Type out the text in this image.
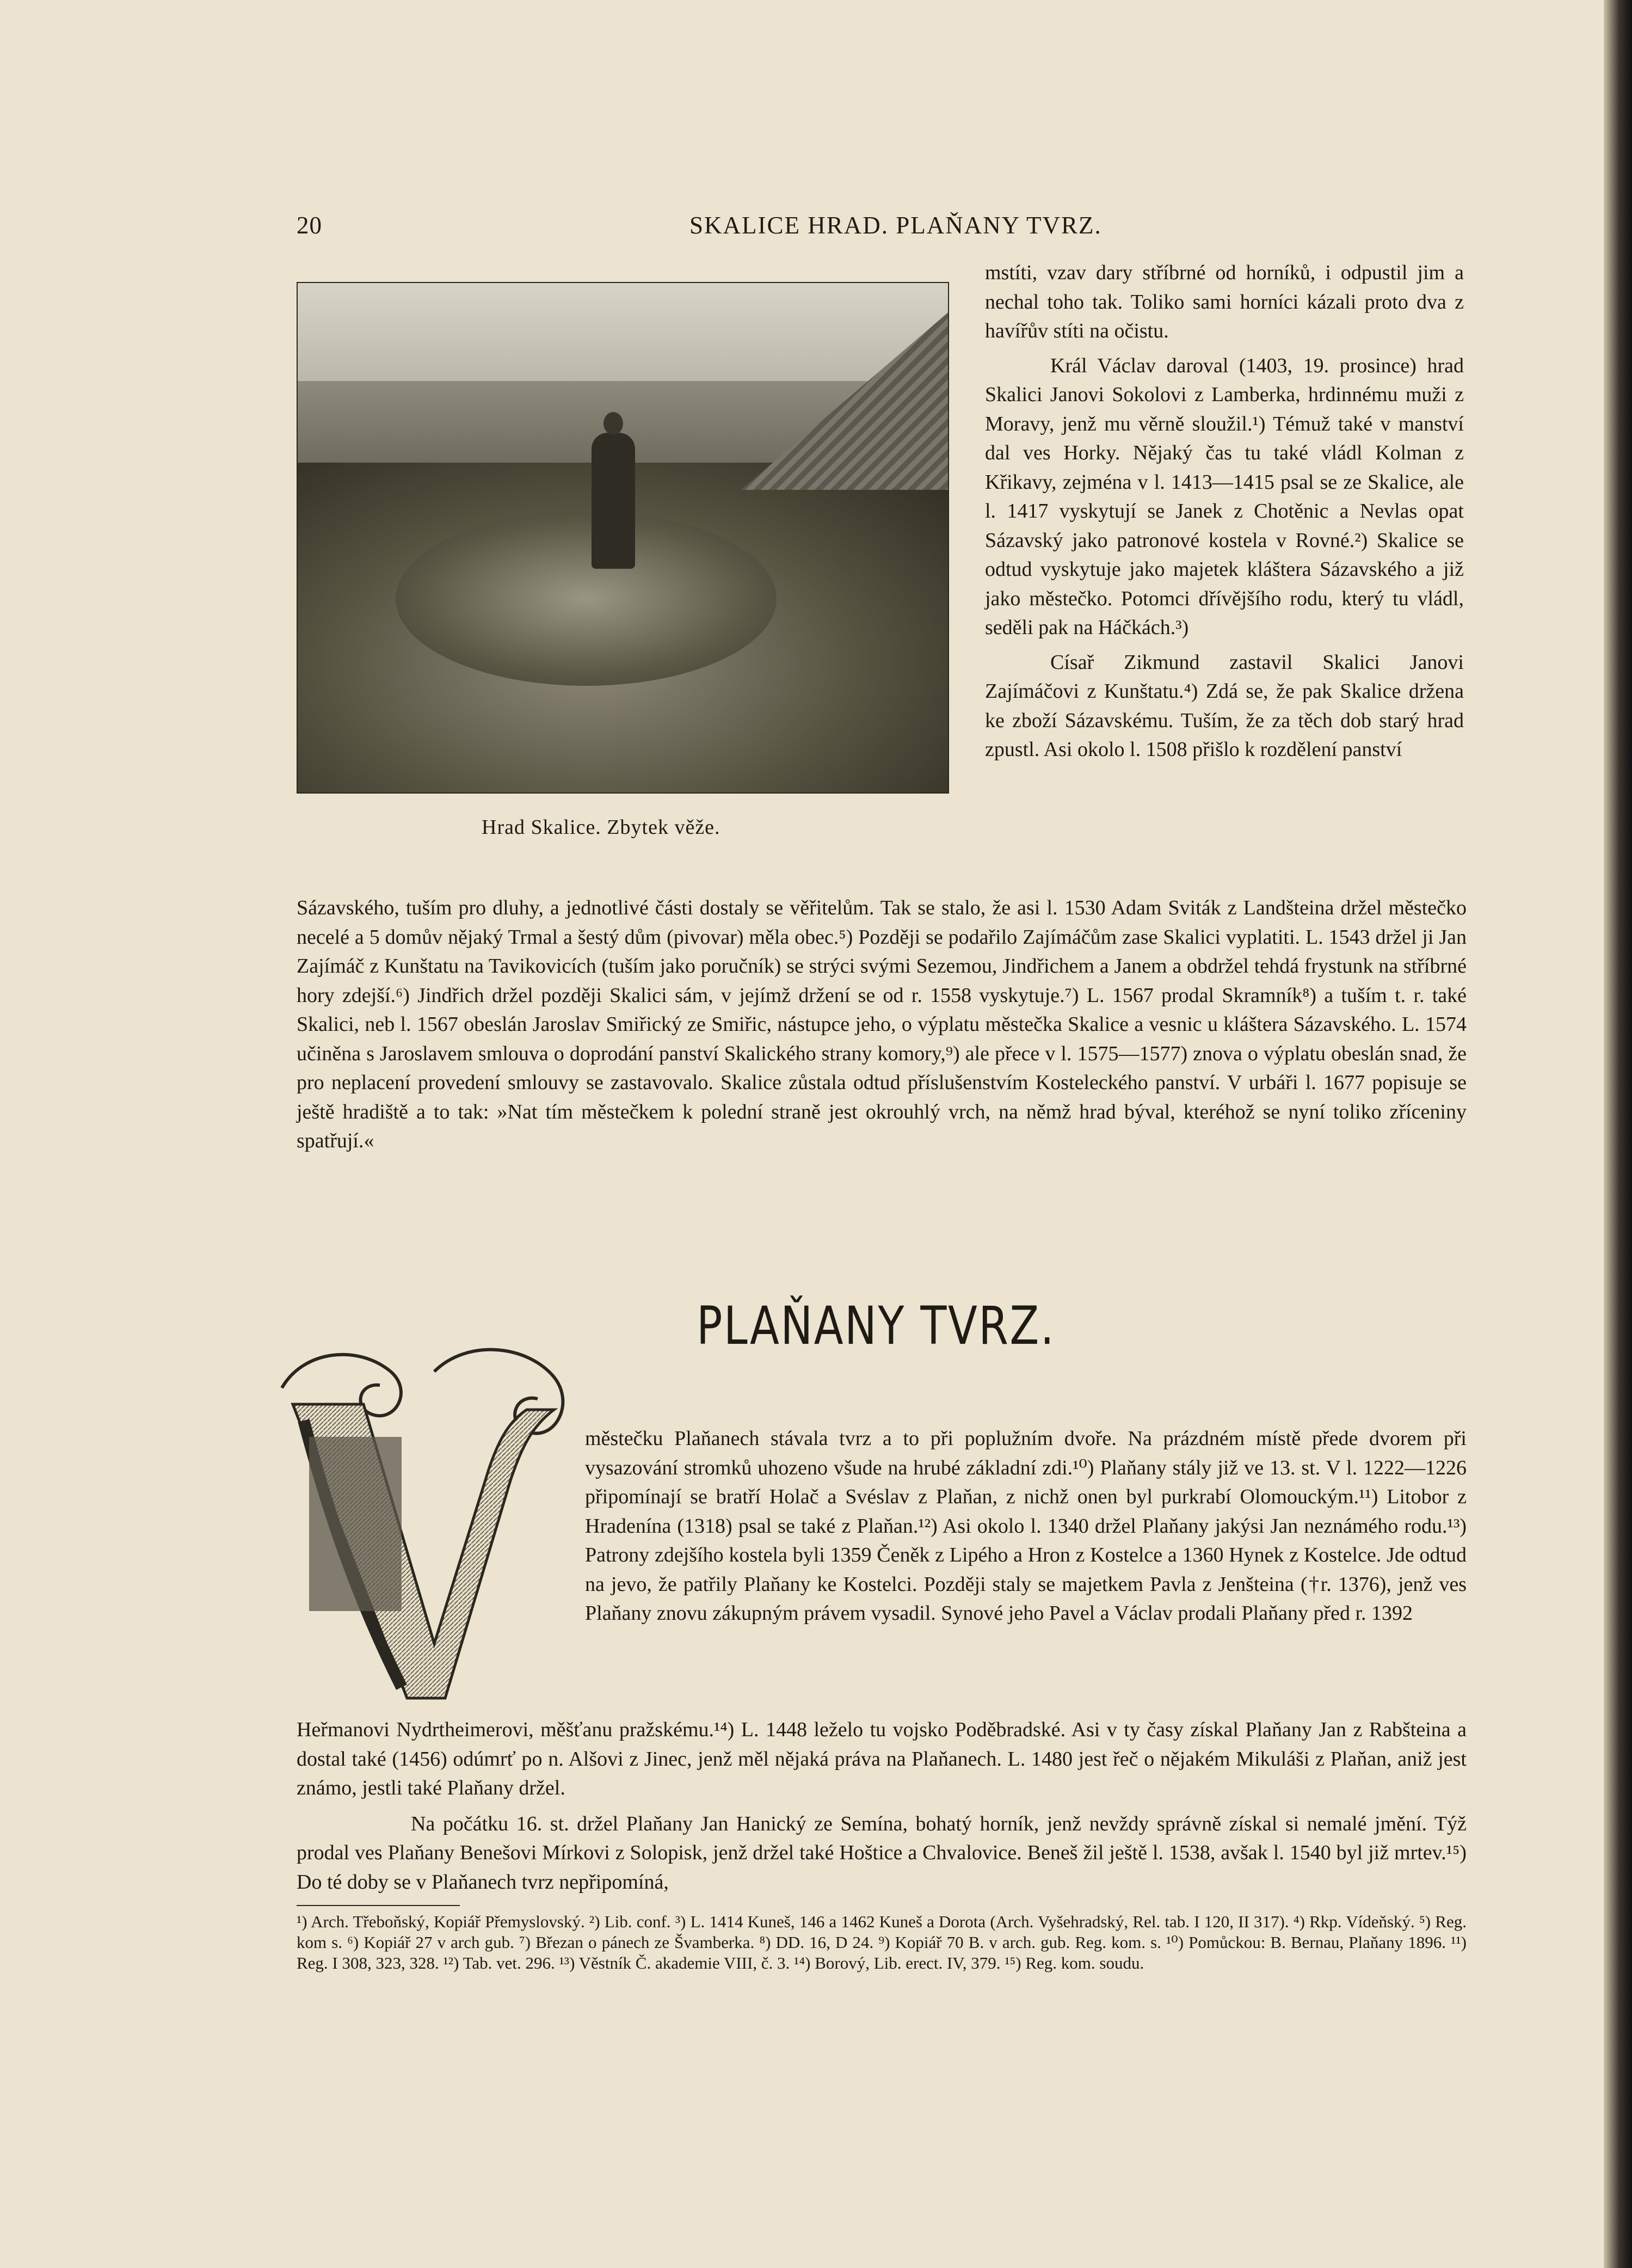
20	SKALICE HRAD. PLAŇANY TVRZ.
Hrad Skalice. Zbytek věže.

mstíti, vzav dary stříbrné od horníků, i odpustil jim a nechal toho tak. Toliko sami horníci kázali proto dva z havířův stíti na očistu.

Král Václav daroval (1403, 19. prosince) hrad Skalici Janovi Sokolovi z Lamberka, hrdinnému muži z Moravy, jenž mu věrně sloužil.¹) Témuž také v manství dal ves Horky. Nějaký čas tu také vládl Kolman z Křikavy, zejména v l. 1413—1415 psal se ze Skalice, ale l. 1417 vyskytují se Janek z Chotěnic a Nevlas opat Sázavský jako patronové kostela v Rovné.²) Skalice se odtud vyskytuje jako majetek kláštera Sázavského a již jako městečko. Potomci dřívějšího rodu, který tu vládl, seděli pak na Háčkách.³)

Císař Zikmund zastavil Skalici Janovi Zajímáčovi z Kunštatu.⁴) Zdá se, že pak Skalice držena ke zboží Sázavskému. Tuším, že za těch dob starý hrad zpustl. Asi okolo l. 1508 přišlo k rozdělení panství

Sázavského, tuším pro dluhy, a jednotlivé části dostaly se věřitelům. Tak se stalo, že asi l. 1530 Adam Sviták z Landšteina držel městečko necelé a 5 domův nějaký Trmal a šestý dům (pivovar) měla obec.⁵) Později se podařilo Zajímáčům zase Skalici vyplatiti. L. 1543 držel ji Jan Zajímáč z Kunštatu na Tavikovicích (tuším jako poručník) se strýci svými Sezemou, Jindřichem a Janem a obdržel tehdá frystunk na stříbrné hory zdejší.⁶) Jindřich držel později Skalici sám, v jejímž držení se od r. 1558 vyskytuje.⁷) L. 1567 prodal Skramník⁸) a tuším t. r. také Skalici, neb l. 1567 obeslán Jaroslav Smiřický ze Smiřic, nástupce jeho, o výplatu městečka Skalice a vesnic u kláštera Sázavského. L. 1574 učiněna s Jaroslavem smlouva o doprodání panství Skalického strany komory,⁹) ale přece v l. 1575—1577) znova o výplatu obeslán snad, že pro neplacení provedení smlouvy se zastavovalo. Skalice zůstala odtud příslušenstvím Kosteleckého panství. V urbáři l. 1677 popisuje se ještě hradiště a to tak: »Nat tím městečkem k polední straně jest okrouhlý vrch, na němž hrad býval, kteréhož se nyní toliko zříceniny spatřují.«

PLAŇANY TVRZ.

městečku Plaňanech stávala tvrz a to při poplužním dvoře. Na prázdném místě přede dvorem při vysazování stromků uhozeno všude na hrubé základní zdi.¹⁰) Plaňany stály již ve 13. st. V l. 1222—1226 připomínají se bratří Holač a Svéslav z Plaňan, z nichž onen byl purkrabí Olomouckým.¹¹) Litobor z Hradenína (1318) psal se také z Plaňan.¹²) Asi okolo l. 1340 držel Plaňany jakýsi Jan neznámého rodu.¹³) Patrony zdejšího kostela byli 1359 Čeněk z Lipého a Hron z Kostelce a 1360 Hynek z Kostelce. Jde odtud na jevo, že patřily Plaňany ke Kostelci. Později staly se majetkem Pavla z Jenšteina (†r. 1376), jenž ves Plaňany znovu zákupným právem vysadil. Synové jeho Pavel a Václav prodali Plaňany před r. 1392

Heřmanovi Nydrtheimerovi, měšťanu pražskému.¹⁴) L. 1448 leželo tu vojsko Poděbradské. Asi v ty časy získal Plaňany Jan z Rabšteina a dostal také (1456) odúmrť po n. Alšovi z Jinec, jenž měl nějaká práva na Plaňanech. L. 1480 jest řeč o nějakém Mikuláši z Plaňan, aniž jest známo, jestli také Plaňany držel.

Na počátku 16. st. držel Plaňany Jan Hanický ze Semína, bohatý horník, jenž nevždy správně získal si nemalé jmění. Týž prodal ves Plaňany Benešovi Mírkovi z Solopisk, jenž držel také Hoštice a Chvalovice. Beneš žil ještě l. 1538, avšak l. 1540 byl již mrtev.¹⁵) Do té doby se v Plaňanech tvrz nepřipomíná,

¹) Arch. Třeboňský, Kopiář Přemyslovský. ²) Lib. conf. ³) L. 1414 Kuneš, 146 a 1462 Kuneš a Dorota (Arch. Vyšehradský, Rel. tab. I 120, II 317). ⁴) Rkp. Vídeňský. ⁵) Reg. kom s. ⁶) Kopiář 27 v arch gub. ⁷) Březan o pánech ze Švamberka. ⁸) DD. 16, D 24. ⁹) Kopiář 70 B. v arch. gub. Reg. kom. s. ¹⁰) Pomůckou: B. Bernau, Plaňany 1896. ¹¹) Reg. I 308, 323, 328. ¹²) Tab. vet. 296. ¹³) Věstník Č. akademie VIII, č. 3. ¹⁴) Borový, Lib. erect. IV, 379. ¹⁵) Reg. kom. soudu.
